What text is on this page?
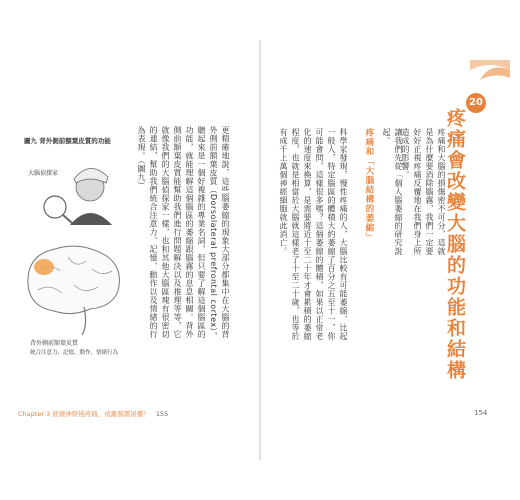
20
疼痛會改變大腦的功能和結構
疼痛和大腦的損傷密不可分，這就是為什麼要消除腦霧，我們一定要好好正視疼痛反覆地在我們身上所造成的影響。
讓我們先從「個人腦萎縮的研究說起。
疼痛和「大腦結構的萎縮」
科學家發現，慢性疼痛的人，大腦比較有可能萎縮，比起一般人，特定腦區的體積大約萎縮了百分之五至十一，你可能會問，這樣很多嗎？這個萎縮的體積，如果以正常老化的速度來換算，是需要將近十至二十年才會累積的萎縮程度，也就是相當於大腦就這樣老了十至二十歲，也等於有成千上萬個神經細胞就此消亡。
154
圖九 背外側前額葉皮質的功能
大腦偵探家
背外側前額葉皮質
統合注意力、記憶、動作、情緒行為
更精確地說，這些腦萎縮的現象大部分都集中在大腦的背外側前額葉皮質（Dorsolateral prefrontal cortex），聽起來是一個好複雜的專業名詞，但只要了解這個腦區的功能，就能理解這個腦區的萎縮跟腦霧的息息相關。背外側前額葉皮質能幫助我們進行問題解決以及推理等等，它就像我們的大腦偵探家一樣，也和其他大腦區塊有很密切的連結，幫助我們統合注意力、記憶、動作以及情緒的行為表現。（圖九）
Chapter 3 舒緩神經慢疼痛，遠離腦霧困擾！ 155
